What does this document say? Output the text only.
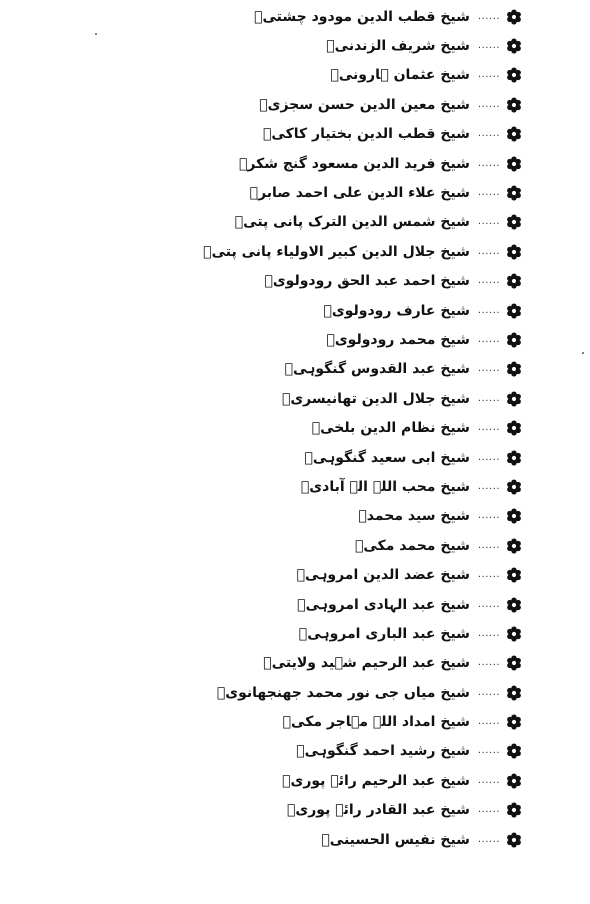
شیخ قطب الدین مودود چشتیؒ ......
شیخ شریف الزندنیؒ ......
شیخ عثمان ہارونیؒ ......
شیخ معین الدین حسن سجزیؒ ......
شیخ قطب الدین بختیار کاکیؒ ......
شیخ فرید الدین مسعود گنج شکرؒ ......
شیخ علاء الدین علی احمد صابرؒ ......
شیخ شمس الدین الترک پانی پتیؒ ......
شیخ جلال الدین کبیر الاولیاء پانی پتیؒ ......
شیخ احمد عبد الحق رودولویؒ ......
شیخ عارف رودولویؒ ......
شیخ محمد رودولویؒ ......
شیخ عبد القدوس گنگوہیؒ ......
شیخ جلال الدین تھانیسریؒ ......
شیخ نظام الدین بلخیؒ ......
شیخ ابی سعید گنگوہیؒ ......
شیخ محب اللہ الہ آبادیؒ ......
شیخ سید محمدؒ ......
شیخ محمد مکیؒ ......
شیخ عضد الدین امروہیؒ ......
شیخ عبد الہادی امروہیؒ ......
شیخ عبد الباری امروہیؒ ......
شیخ عبد الرحیم شہید ولایتیؒ ......
شیخ میاں جی نور محمد جھنجھانویؒ ......
شیخ امداد اللہ مہاجر مکیؒ ......
شیخ رشید احمد گنگوہیؒ ......
شیخ عبد الرحیم رائے پوریؒ ......
شیخ عبد القادر رائے پوریؒ ......
شیخ نفیس الحسینیؒ ......
